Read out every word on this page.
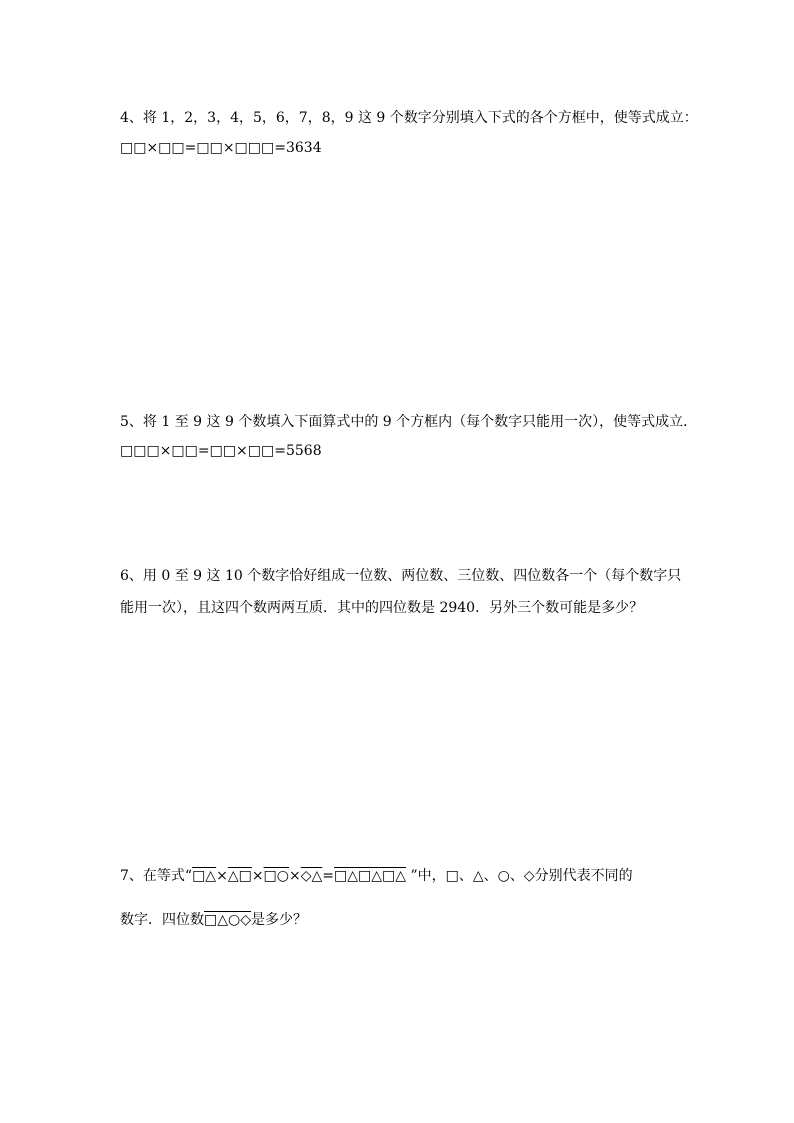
4、将 1，2，3，4，5，6，7，8，9 这 9 个数字分别填入下式的各个方框中，使等式成立：
□□×□□=□□×□□□=3634
5、将 1 至 9 这 9 个数填入下面算式中的 9 个方框内（每个数字只能用一次），使等式成立．
□□□×□□=□□×□□=5568
6、用 0 至 9 这 10 个数字恰好组成一位数、两位数、三位数、四位数各一个（每个数字只
能用一次），且这四个数两两互质．其中的四位数是 2940．另外三个数可能是多少？
7、在等式“□△×△□×□○×◇△=□△□△□△ ”中，□、△、○、◇分别代表不同的
数字．四位数□△○◇是多少？
